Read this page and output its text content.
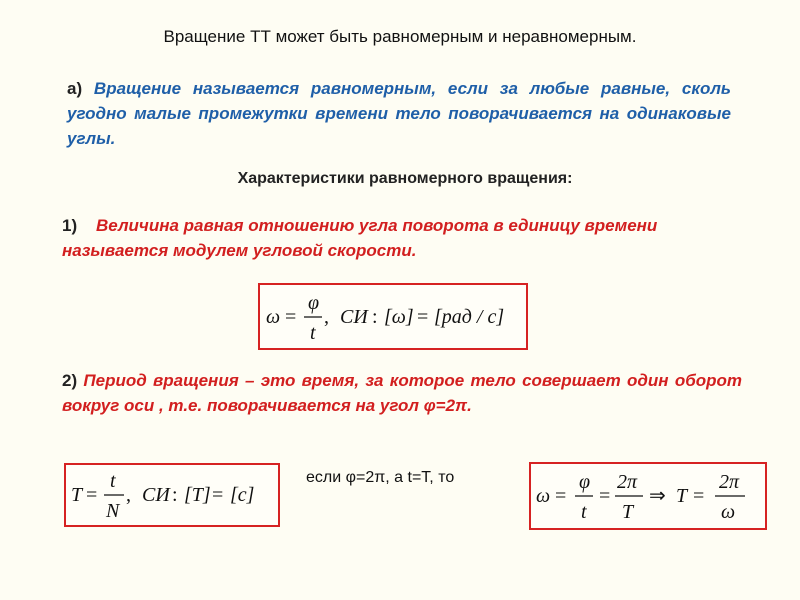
Вращение ТТ может быть равномерным и неравномерным.
а) Вращение называется равномерным, если за любые равные, сколь угодно малые промежутки времени тело поворачивается на одинаковые углы.
Характеристики равномерного вращения:
1) Величина равная отношению угла поворота в единицу времени называется модулем угловой скорости.
ω =
φ
t
, СИ : [ω] = [рад / с]
2) Период вращения – это время, за которое тело совершает один оборот вокруг оси , т.е. поворачивается на угол φ=2π.
T =
t
N
, СИ : [T] = [c]
если φ=2π, а t=T, то
ω =
φ
t
=
2π
T
⇒ T =
2π
ω
